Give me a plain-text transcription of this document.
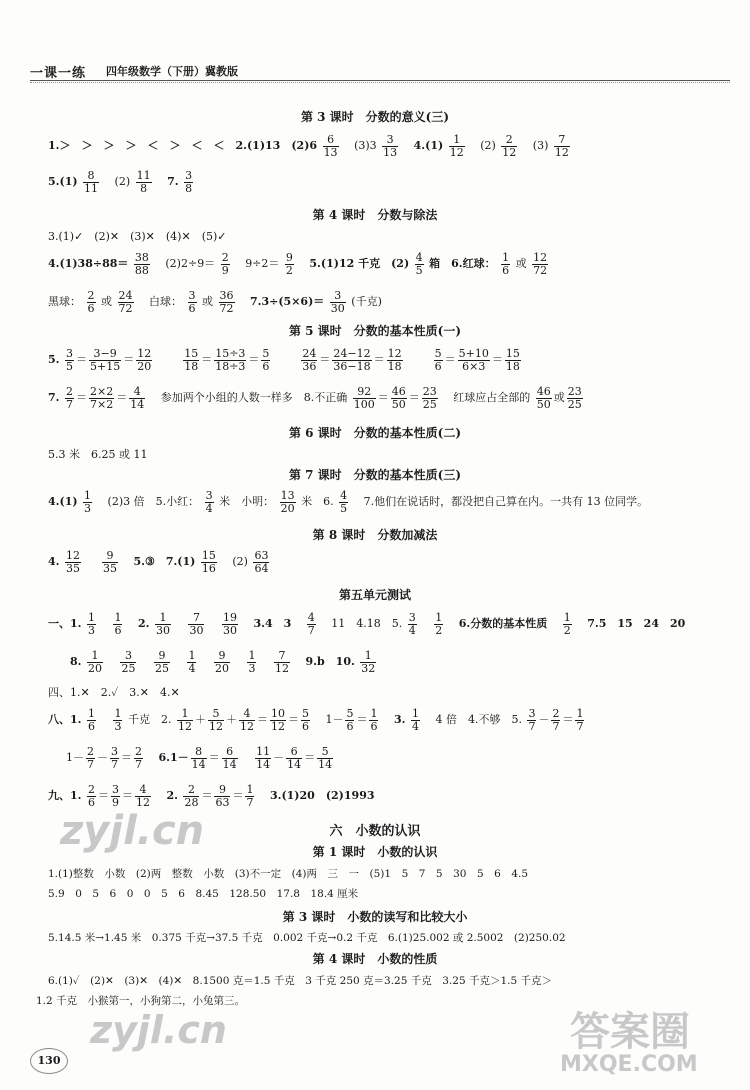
一课一练 四年级数学（下册）冀教版
第 3 课时　分数的意义(三)
1.＞　＞　＞　＞　＜　＞　＜　＜　2.(1)13　$(2)6 \frac{6}{13} (3)3 \frac{3}{13} 4.(1) \frac{1}{12} (2) \frac{2}{12} (3) \frac{7}{12}$
$5.(1) \frac{8}{11} (2) \frac{11}{8} 7$. $\frac{3}{8}$
第 4 课时　分数与除法
3.(1)✓　(2)✕　(3)✕　(4)✕　(5)✓
$4.(1)38\div 88= \frac{38}{88} (2)2\div 9= \frac{2}{9} 9\div 2= \frac{9}{2} 5.(1)12$ 千克　$(2) \frac{4}{5}$ 箱　6.红球： $\frac{1}{6}$ 或 $\frac{12}{72}$
黑球： $\frac{2}{6}$ 或 $\frac{24}{72}$ 白球： $\frac{3}{6}$ 或 $\frac{36}{72} 7.3\div(5\times 6)= \frac{3}{30}$ (千克)
第 5 课时　分数的基本性质(一)
5. $\frac{3}{5} = \frac{3-9}{5+15} = \frac{12}{20}$
	$\frac{15}{18} = \frac{15\div 3}{18\div 3} = \frac{5}{6}$
	$\frac{24}{36} = \frac{24-12}{36-18} = \frac{12}{18}$
	$\frac{5}{6} = \frac{5+10}{6\times 3} = \frac{15}{18}$
7. $\frac{2}{7} = \frac{2\times 2}{7\times 2} = \frac{4}{14}$ 参加两个小组的人数一样多　8.不正确 $\frac{92}{100} = \frac{46}{50} = \frac{23}{25}$ 红球应占全部的 $\frac{46}{50}$ 或 $\frac{23}{25}$
第 6 课时　分数的基本性质(二)
5.3 米　6.25 或 11
第 7 课时　分数的基本性质(三)
$4.(1) \frac{1}{3} (2)3$ 倍　5.小红： $\frac{3}{4}$ 米　小明： $\frac{13}{20}$ 米　6. $\frac{4}{5} 7$.他们在说话时，都没把自己算在内。一共有 13 位同学。
第 8 课时　分数加减法
4. $\frac{12}{35}$
$\frac{9}{35}$ 5.③　$7.(1) \frac{15}{16} (2) \frac{63}{64}$
第五单元测试
一、1. $\frac{1}{3}$
$\frac{1}{6} 2$. $\frac{1}{30}$
$\frac{7}{30}$
$\frac{19}{30} 3.4$　$3 \frac{4}{7} 11$　4.18　5. $\frac{3}{4}$
$\frac{1}{2} 6$.分数的基本性质 $\frac{1}{2} 7.5$　15　24　20
8. $\frac{1}{20}$
$\frac{3}{25}$
$\frac{9}{25}$
$\frac{1}{4}$
$\frac{9}{20}$
$\frac{1}{3}$
$\frac{7}{12} 9.b$　10. $\frac{1}{32}$
四、1.✕　2.✓　3.✕　4.✕
八、1. $\frac{1}{6}$
$\frac{1}{3}$ 千克　2. $\frac{1}{12} + \frac{5}{12} + \frac{4}{12} = \frac{10}{12} = \frac{5}{6} 1- \frac{5}{6} = \frac{1}{6} 3$. $\frac{1}{4} 4$ 倍　4.不够　5. $\frac{3}{7} - \frac{2}{7} = \frac{1}{7}$
$1- \frac{2}{7} - \frac{3}{7} = \frac{2}{7} 6.1- \frac{8}{14} = \frac{6}{14}$
$\frac{11}{14} - \frac{6}{14} = \frac{5}{14}$
九、1. $\frac{2}{6} = \frac{3}{9} = \frac{4}{12} 2$. $\frac{2}{28} = \frac{9}{63} = \frac{1}{7} 3.(1)20$　(2)1993
zyjl.cn	六　小数的认识
第 1 课时　小数的认识
1.(1)整数　小数　(2)两　整数　小数　(3)不一定　(4)两　三　一　(5)1　5　7　5　30　5　6　4.5
5.9　0　5　6　0　0　5　6　8.45　128.50　17.8　18.4 厘米
第 3 课时　小数的读写和比较大小
5.14.5 米→1.45 米　0.375 千克→37.5 千克　0.002 千克→0.2 千克　6.(1)25.002 或 2.5002　(2)250.02
第 4 课时　小数的性质
6.(1)✓　(2)✕　(3)✕　(4)✕　8.1500 克＝1.5 千克　3 千克 250 克＝3.25 千克　3.25 千克＞1.5 千克＞
1.2 千克　小猴第一，小狗第二，小兔第三。
zyjl.cn	答案圈
MXQE.COM
130
